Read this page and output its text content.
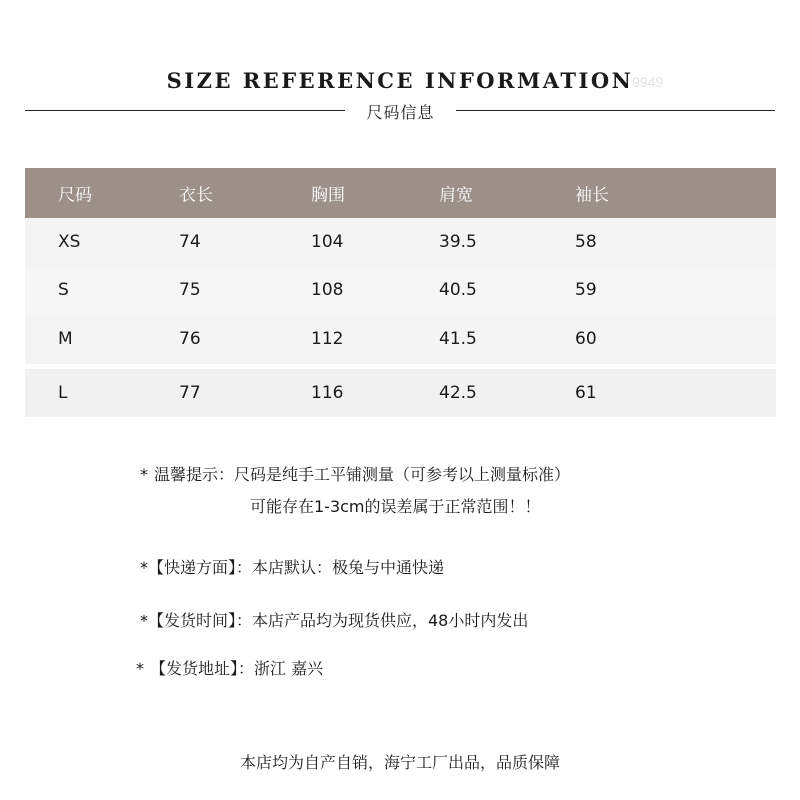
SIZE REFERENCE INFORMATION
9949
尺码信息
尺码	衣长	胸围	肩宽	袖长
XS	74	104	39.5	58
S	75	108	40.5	59
M	76	112	41.5	60
L	77	116	42.5	61
* 温馨提示：尺码是纯手工平铺测量（可参考以上测量标准）
可能存在1-3cm的误差属于正常范围！！
*【快递方面】：本店默认：极兔与中通快递
*【发货时间】：本店产品均为现货供应，48小时内发出
* 【发货地址】：浙江 嘉兴
本店均为自产自销，海宁工厂出品，品质保障
